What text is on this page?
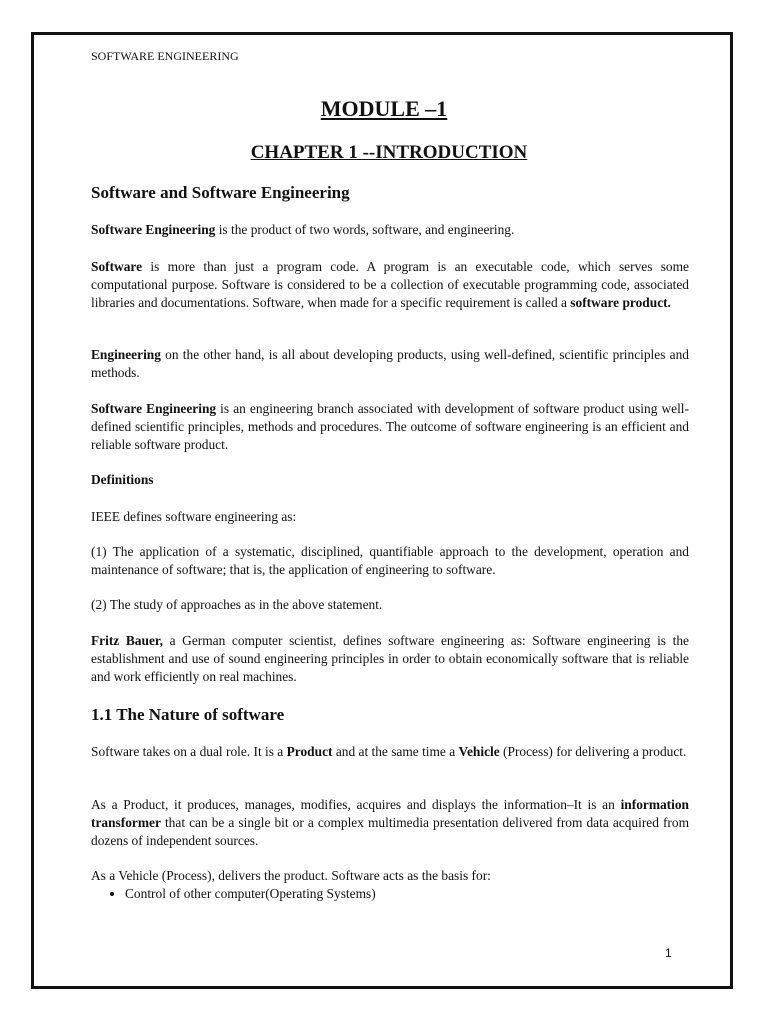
SOFTWARE ENGINEERING
MODULE –1
CHAPTER 1 --INTRODUCTION
Software and Software Engineering

Software Engineering is the product of two words, software, and engineering.

Software is more than just a program code. A program is an executable code, which serves some computational purpose. Software is considered to be a collection of executable programming code, associated libraries and documentations. Software, when made for a specific requirement is called a software product.

Engineering on the other hand, is all about developing products, using well-defined, scientific principles and methods.

Software Engineering is an engineering branch associated with development of software product using well-defined scientific principles, methods and procedures. The outcome of software engineering is an efficient and reliable software product.

Definitions

IEEE defines software engineering as:

(1) The application of a systematic, disciplined, quantifiable approach to the development, operation and maintenance of software; that is, the application of engineering to software.

(2) The study of approaches as in the above statement.

Fritz Bauer, a German computer scientist, defines software engineering as: Software engineering is the establishment and use of sound engineering principles in order to obtain economically software that is reliable and work efficiently on real machines.

1.1 The Nature of software

Software takes on a dual role. It is a Product and at the same time a Vehicle (Process) for delivering a product.

As a Product, it produces, manages, modifies, acquires and displays the information–It is an information transformer that can be a single bit or a complex multimedia presentation delivered from data acquired from dozens of independent sources.

As a Vehicle (Process), delivers the product. Software acts as the basis for:

• Control of other computer(Operating Systems)
1
